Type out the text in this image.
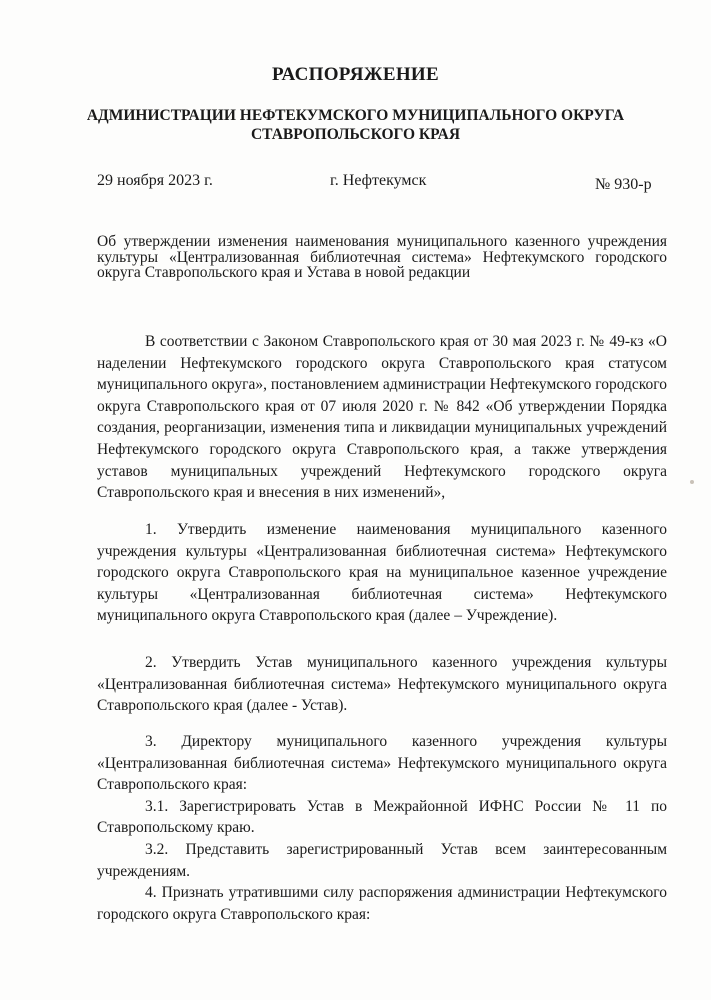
РАСПОРЯЖЕНИЕ
АДМИНИСТРАЦИИ НЕФТЕКУМСКОГО МУНИЦИПАЛЬНОГО ОКРУГА
СТАВРОПОЛЬСКОГО КРАЯ
29 ноября 2023 г.	г. Нефтекумск	№ 930-р
Об утверждении изменения наименования муниципального казенного учреждения культуры «Централизованная библиотечная система» Нефтекумского городского округа Ставропольского края и Устава в новой редакции

В соответствии с Законом Ставропольского края от 30 мая 2023 г. № 49-кз «О наделении Нефтекумского городского округа Ставропольского края статусом муниципального округа», постановлением администрации Нефтекумского городского округа Ставропольского края от 07 июля 2020 г. № 842 «Об утверждении Порядка создания, реорганизации, изменения типа и ликвидации муниципальных учреждений Нефтекумского городского округа Ставропольского края, а также утверждения уставов муниципальных учреждений Нефтекумского городского округа Ставропольского края и внесения в них изменений»,

1. Утвердить изменение наименования муниципального казенного учреждения культуры «Централизованная библиотечная система» Нефтекумского городского округа Ставропольского края на муниципальное казенное учреждение культуры «Централизованная библиотечная система» Нефтекумского муниципального округа Ставропольского края (далее – Учреждение).

2. Утвердить Устав муниципального казенного учреждения культуры «Централизованная библиотечная система» Нефтекумского муниципального округа Ставропольского края (далее - Устав).

3. Директору муниципального казенного учреждения культуры «Централизованная библиотечная система» Нефтекумского муниципального округа Ставропольского края:

3.1. Зарегистрировать Устав в Межрайонной ИФНС России № 11 по Ставропольскому краю.

3.2. Представить зарегистрированный Устав всем заинтересованным учреждениям.

4. Признать утратившими силу распоряжения администрации Нефтекумского городского округа Ставропольского края:
